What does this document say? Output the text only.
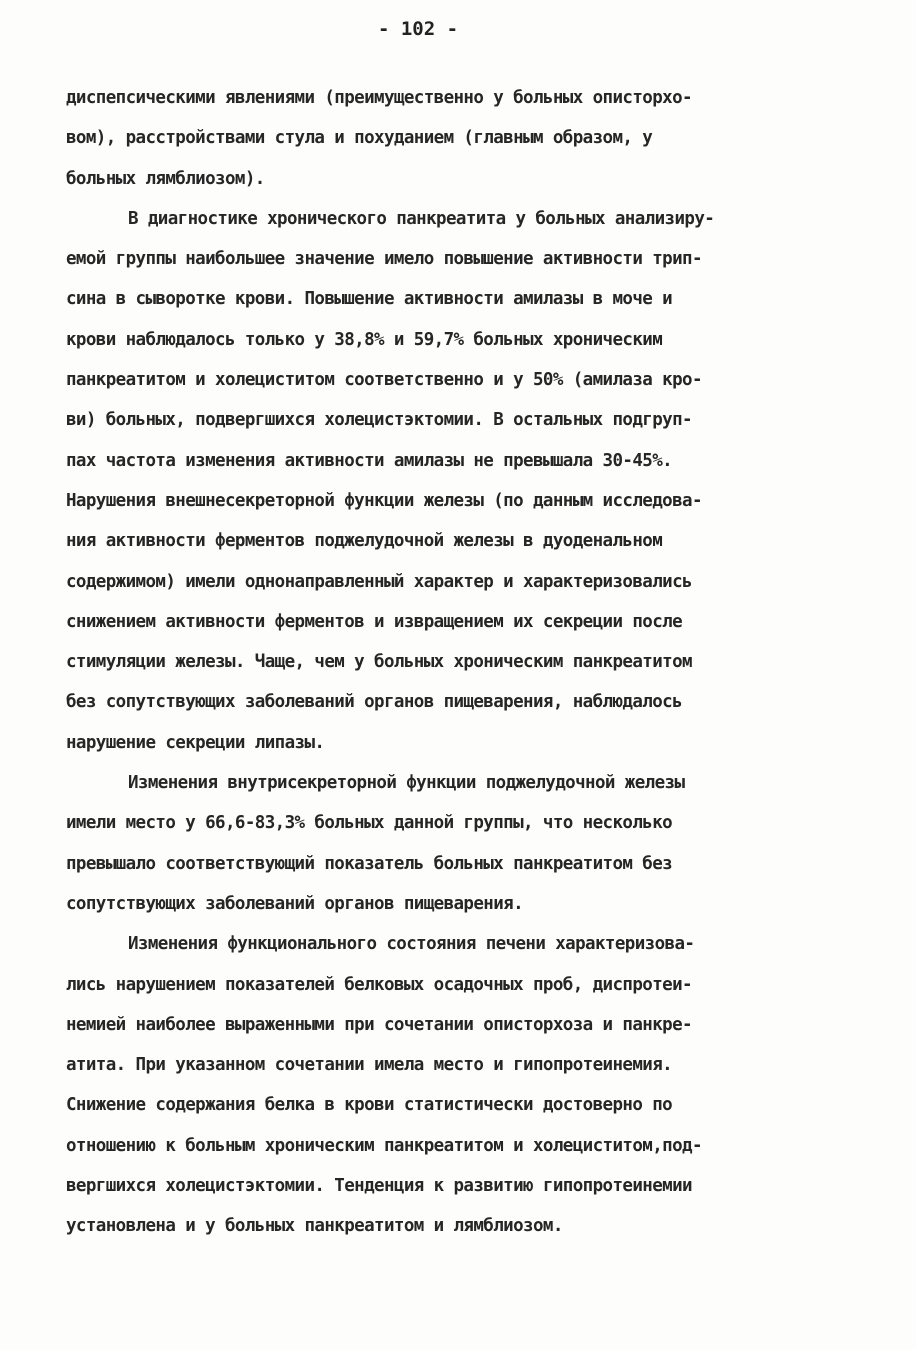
- 102 -
диспепсическими явлениями (преимущественно у больных описторхо-
вом), расстройствами стула и похуданием (главным образом, у
больных лямблиозом).
В диагностике хронического панкреатита у больных анализиру-
емой группы наибольшее значение имело повышение активности трип-
сина в сыворотке крови. Повышение активности амилазы в моче и
крови наблюдалось только у 38,8% и 59,7% больных хроническим
панкреатитом и холециститом соответственно и у 50% (амилаза кро-
ви) больных, подвергшихся холецистэктомии. В остальных подгруп-
пах частота изменения активности амилазы не превышала 30-45%.
Нарушения внешнесекреторной функции железы (по данным исследова-
ния активности ферментов поджелудочной железы в дуоденальном
содержимом) имели однонаправленный характер и характеризовались
снижением активности ферментов и извращением их секреции после
стимуляции железы. Чаще, чем у больных хроническим панкреатитом
без сопутствующих заболеваний органов пищеварения, наблюдалось
нарушение секреции липазы.
Изменения внутрисекреторной функции поджелудочной железы
имели место у 66,6-83,3% больных данной группы, что несколько
превышало соответствующий показатель больных панкреатитом без
сопутствующих заболеваний органов пищеварения.
Изменения функционального состояния печени характеризова-
лись нарушением показателей белковых осадочных проб, диспротеи-
немией наиболее выраженными при сочетании описторхоза и панкре-
атита. При указанном сочетании имела место и гипопротеинемия.
Снижение содержания белка в крови статистически достоверно по
отношению к больным хроническим панкреатитом и холециститом,под-
вергшихся холецистэктомии. Тенденция к развитию гипопротеинемии
установлена и у больных панкреатитом и лямблиозом.
